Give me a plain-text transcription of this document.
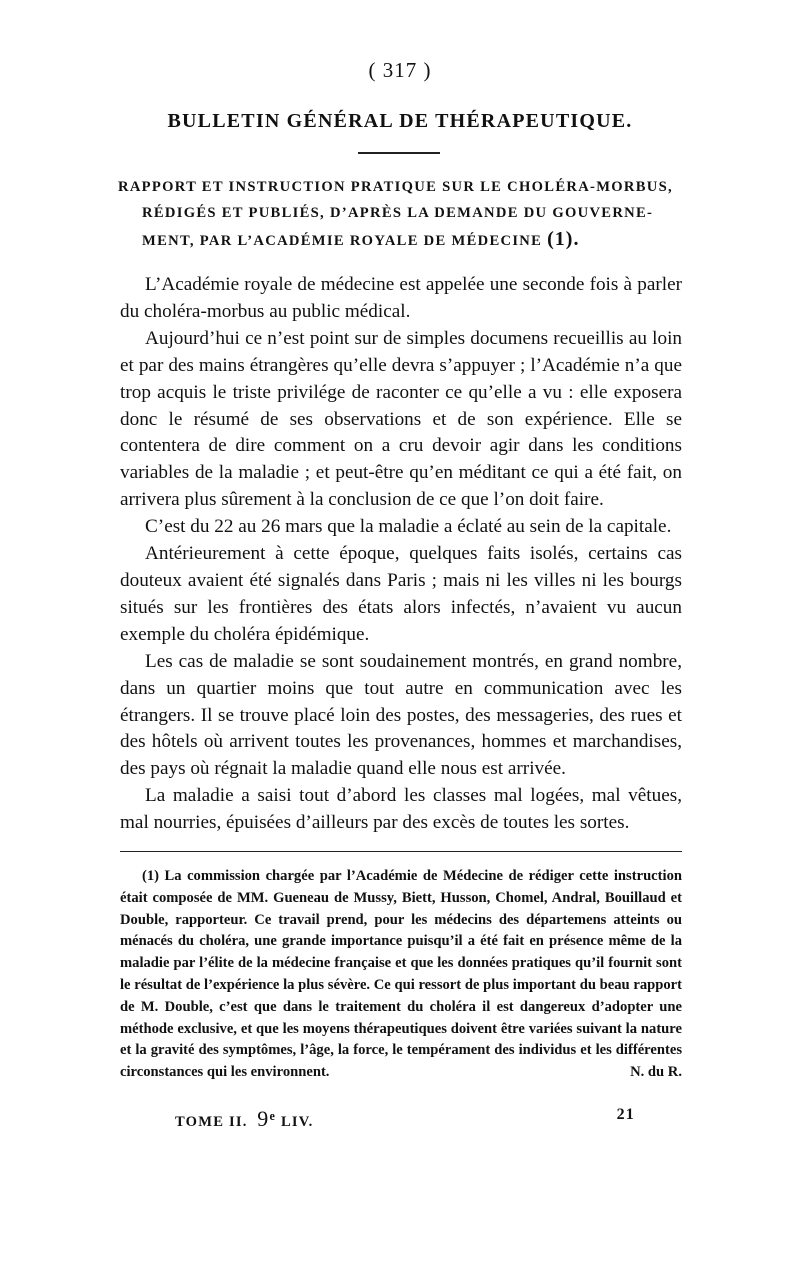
( 317 )
BULLETIN GÉNÉRAL DE THÉRAPEUTIQUE.
RAPPORT ET INSTRUCTION PRATIQUE SUR LE CHOLÉRA-MORBUS,
RÉDIGÉS ET PUBLIÉS, D’APRÈS LA DEMANDE DU GOUVERNE-
MENT, PAR L’ACADÉMIE ROYALE DE MÉDECINE (1).

L’Académie royale de médecine est appelée une seconde fois à parler du choléra-morbus au public médical.

Aujourd’hui ce n’est point sur de simples documens recueillis au loin et par des mains étrangères qu’elle devra s’appuyer ; l’Académie n’a que trop acquis le triste privilége de raconter ce qu’elle a vu : elle exposera donc le résumé de ses observations et de son expérience. Elle se contentera de dire comment on a cru devoir agir dans les conditions variables de la maladie ; et peut-être qu’en méditant ce qui a été fait, on arrivera plus sûrement à la conclusion de ce que l’on doit faire.

C’est du 22 au 26 mars que la maladie a éclaté au sein de la capitale.

Antérieurement à cette époque, quelques faits isolés, certains cas douteux avaient été signalés dans Paris ; mais ni les villes ni les bourgs situés sur les frontières des états alors infectés, n’avaient vu aucun exemple du choléra épidémique.

Les cas de maladie se sont soudainement montrés, en grand nombre, dans un quartier moins que tout autre en communication avec les étrangers. Il se trouve placé loin des postes, des messageries, des rues et des hôtels où arrivent toutes les provenances, hommes et marchandises, des pays où régnait la maladie quand elle nous est arrivée.

La maladie a saisi tout d’abord les classes mal logées, mal vêtues, mal nourries, épuisées d’ailleurs par des excès de toutes les sortes.

(1) La commission chargée par l’Académie de Médecine de rédiger cette instruction était composée de MM. Gueneau de Mussy, Biett, Husson, Chomel, Andral, Bouillaud et Double, rapporteur. Ce travail prend, pour les médecins des départemens atteints ou ménacés du choléra, une grande importance puisqu’il a été fait en présence même de la maladie par l’élite de la médecine française et que les données pratiques qu’il fournit sont le résultat de l’expérience la plus sévère. Ce qui ressort de plus important du beau rapport de M. Double, c’est que dans le traitement du choléra il est dangereux d’adopter une méthode exclusive, et que les moyens thérapeutiques doivent être variées suivant la nature et la gravité des symptômes, l’âge, la force, le tempérament des individus et les différentes circonstances qui les environnent.	N. du R.

TOME II. 9e LIV.	21
